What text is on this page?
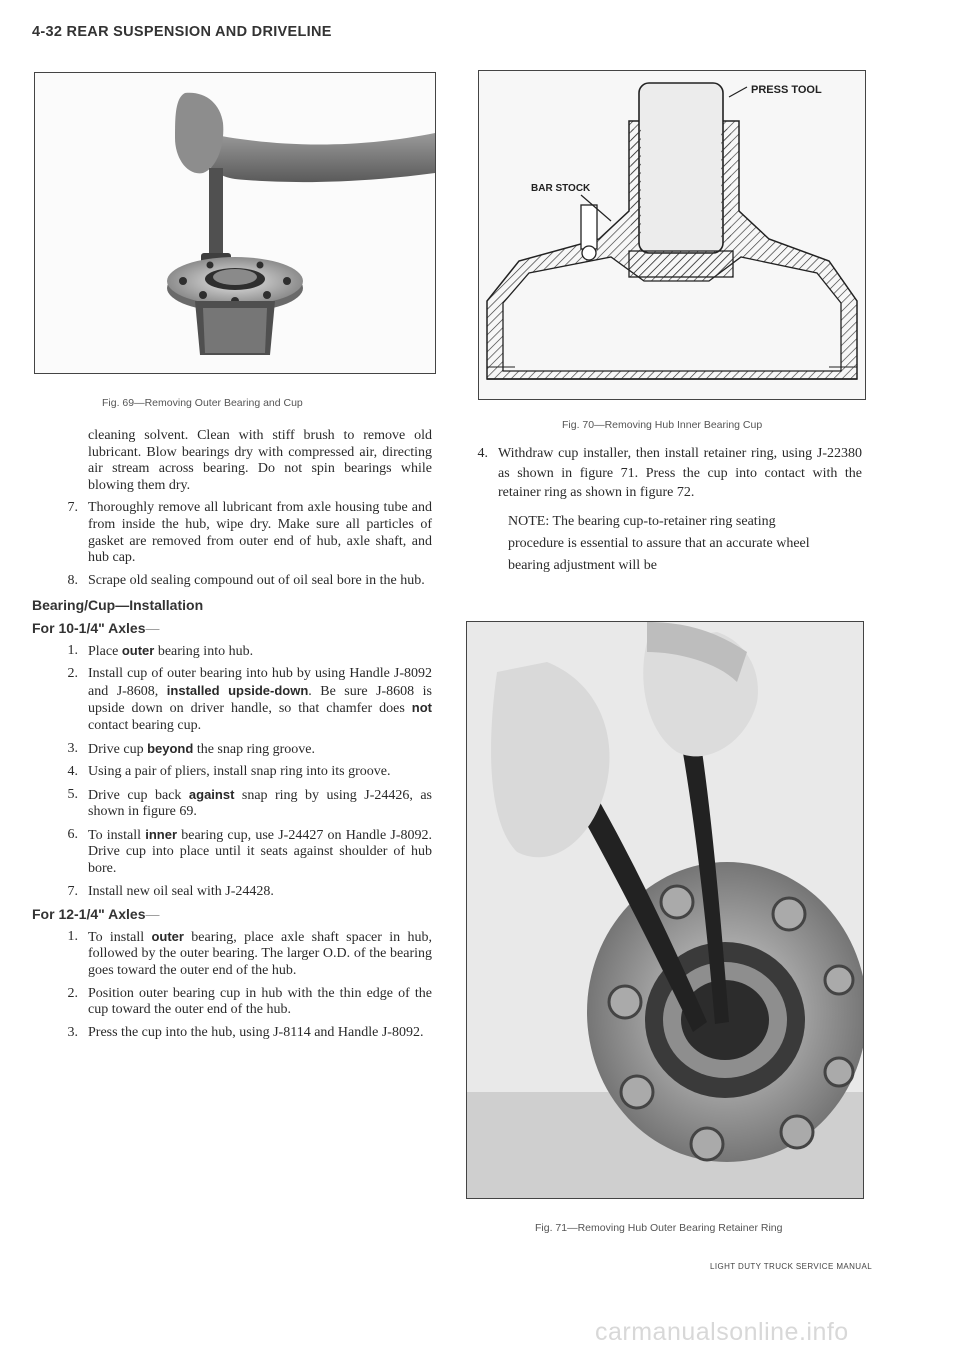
4-32 REAR SUSPENSION AND DRIVELINE
Fig. 69—Removing Outer Bearing and Cup
PRESS TOOL
BAR STOCK
Fig. 70—Removing Hub Inner Bearing Cup

cleaning solvent. Clean with stiff brush to remove old lubricant. Blow bearings dry with compressed air, directing air stream across bearing. Do not spin bearings while blowing them dry.

7. Thoroughly remove all lubricant from axle housing tube and from inside the hub, wipe dry. Make sure all particles of gasket are removed from outer end of hub, axle shaft, and hub cap.
8. Scrape old sealing compound out of oil seal bore in the hub.
Bearing/Cup—Installation
For 10-1/4" Axles—
1. Place outer bearing into hub.
2. Install cup of outer bearing into hub by using Handle J-8092 and J-8608, installed upside-down. Be sure J-8608 is upside down on driver handle, so that chamfer does not contact bearing cup.
3. Drive cup beyond the snap ring groove.
4. Using a pair of pliers, install snap ring into its groove.
5. Drive cup back against snap ring by using J-24426, as shown in figure 69.
6. To install inner bearing cup, use J-24427 on Handle J-8092. Drive cup into place until it seats against shoulder of hub bore.
7. Install new oil seal with J-24428.
For 12-1/4" Axles—
1. To install outer bearing, place axle shaft spacer in hub, followed by the outer bearing. The larger O.D. of the bearing goes toward the outer end of the hub.
2. Position outer bearing cup in hub with the thin edge of the cup toward the outer end of the hub.
3. Press the cup into the hub, using J-8114 and Handle J-8092.
4. Withdraw cup installer, then install retainer ring, using J-22380 as shown in figure 71. Press the cup into contact with the retainer ring as shown in figure 72.
NOTE: The bearing cup-to-retainer ring seating procedure is essential to assure that an accurate wheel bearing adjustment will be
Fig. 71—Removing Hub Outer Bearing Retainer Ring
LIGHT DUTY TRUCK SERVICE MANUAL
carmanualsonline.info
